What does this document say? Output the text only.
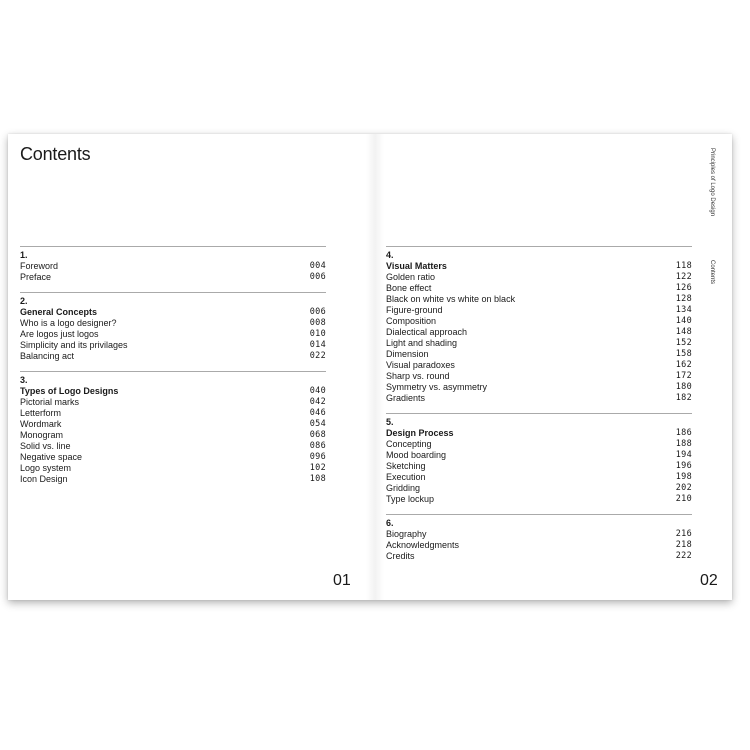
Contents
1.
Foreword	004
Preface	006
2.
General Concepts	006
Who is a logo designer?	008
Are logos just logos	010
Simplicity and its privilages	014
Balancing act	022
3.
Types of Logo Designs	040
Pictorial marks	042
Letterform	046
Wordmark	054
Monogram	068
Solid vs. line	086
Negative space	096
Logo system	102
Icon Design	108
4.
Visual Matters	118
Golden ratio	122
Bone effect	126
Black on white vs white on black	128
Figure-ground	134
Composition	140
Dialectical approach	148
Light and shading	152
Dimension	158
Visual paradoxes	162
Sharp vs. round	172
Symmetry vs. asymmetry	180
Gradients	182
5.
Design Process	186
Concepting	188
Mood boarding	194
Sketching	196
Execution	198
Gridding	202
Type lockup	210
6.
Biography	216
Acknowledgments	218
Credits	222
01	02
Principles of Logo Design
Contents
